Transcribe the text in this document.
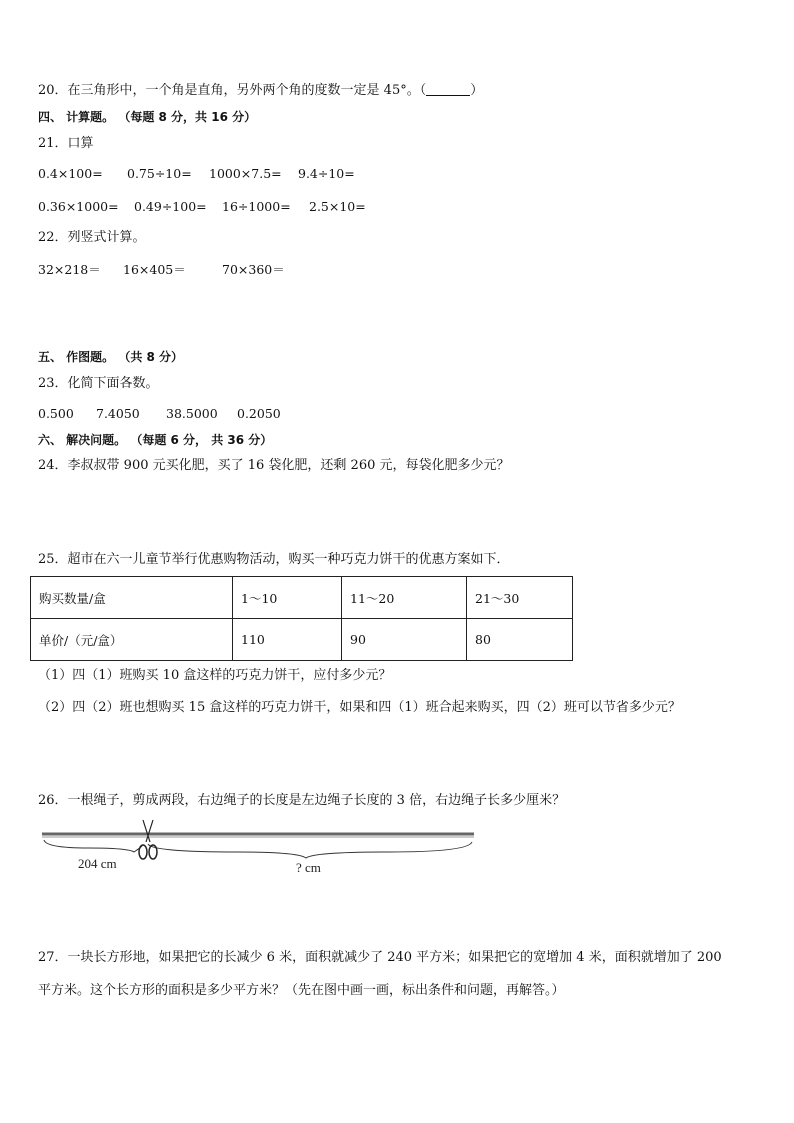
20．在三角形中，一个角是直角，另外两个角的度数一定是 45°。（	）
四、 计算题。 （每题 8 分，共 16 分）
21．口算
0.4×100= 0.75÷10= 1000×7.5= 9.4÷10=
0.36×1000= 0.49÷100= 16÷1000= 2.5×10=
22．列竖式计算。
32×218＝ 16×405＝	70×360＝
五、 作图题。 （共 8 分）
23．化简下面各数。
0.500 7.4050 38.5000 0.2050
六、 解决问题。 （每题 6 分， 共 36 分）
24．李叔叔带 900 元买化肥，买了 16 袋化肥，还剩 260 元，每袋化肥多少元？
25．超市在六一儿童节举行优惠购物活动，购买一种巧克力饼干的优惠方案如下．
购买数量/盒	1～10	11～20	21～30
单价/（元/盒）	110	90	80
（1）四（1）班购买 10 盒这样的巧克力饼干，应付多少元？
（2）四（2）班也想购买 15 盒这样的巧克力饼干，如果和四（1）班合起来购买，四（2）班可以节省多少元？
26．一根绳子，剪成两段，右边绳子的长度是左边绳子长度的 3 倍，右边绳子长多少厘米？
204 cm	? cm
27．一块长方形地，如果把它的长减少 6 米，面积就减少了 240 平方米；如果把它的宽增加 4 米，面积就增加了 200
平方米。这个长方形的面积是多少平方米？（先在图中画一画，标出条件和问题，再解答。）
